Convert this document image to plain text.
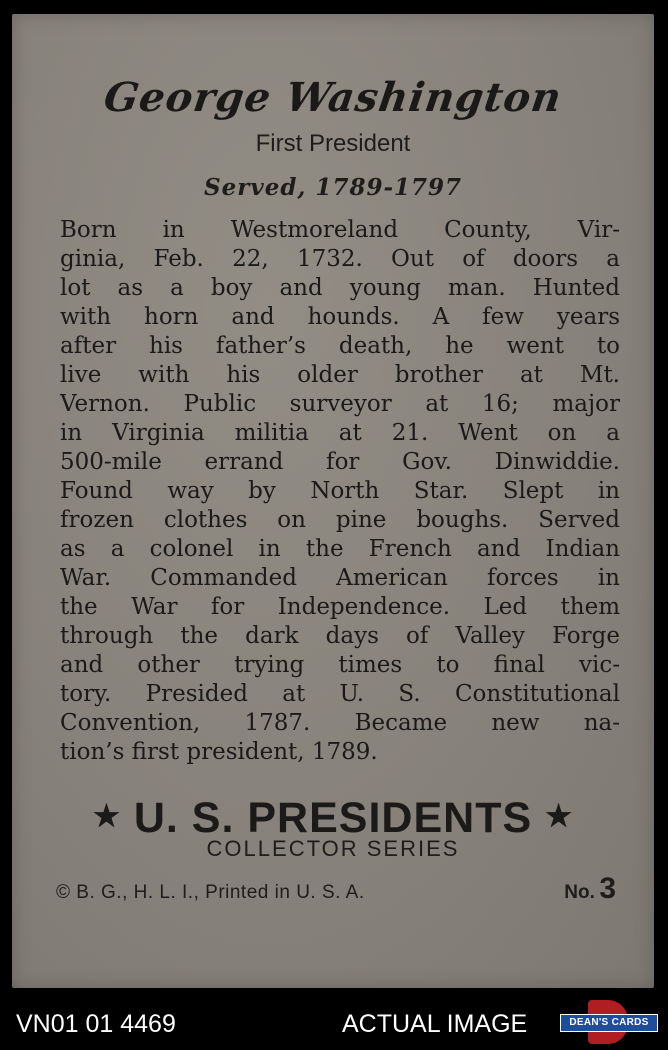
George Washington
First President
Served, 1789-1797
Born in Westmoreland County, Vir-
ginia, Feb. 22, 1732. Out of doors a
lot as a boy and young man. Hunted
with horn and hounds. A few years
after his father’s death, he went to
live with his older brother at Mt.
Vernon. Public surveyor at 16; major
in Virginia militia at 21. Went on a
500-mile errand for Gov. Dinwiddie.
Found way by North Star. Slept in
frozen clothes on pine boughs. Served
as a colonel in the French and Indian
War. Commanded American forces in
the War for Independence. Led them
through the dark days of Valley Forge
and other trying times to final vic-
tory. Presided at U. S. Constitutional
Convention, 1787. Became new na-
tion’s first president, 1789.
★ U. S. PRESIDENTS ★
COLLECTOR SERIES
© B. G., H. L. I., Printed in U. S. A.	No. 3
VN01 01 4469	ACTUAL IMAGE	DEAN'S CARDS
